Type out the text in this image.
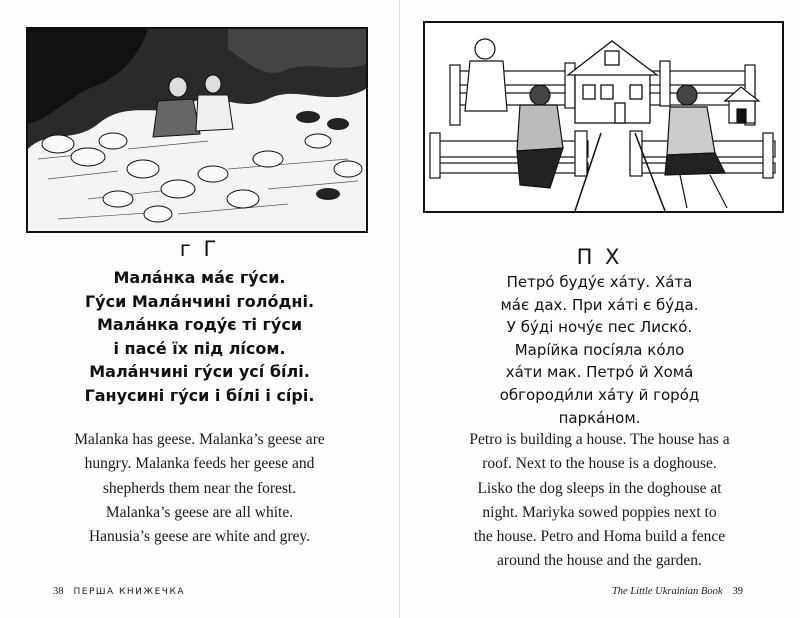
г Г
Мала́нка ма́є гу́си.
Гу́си Мала́нчині голо́дні.
Мала́нка году́є ті гу́си
і пасе́ їх під лі́сом.
Мала́нчині гу́си усі́ бі́лі.
Ганусині гу́си і бі́лі і сі́рі.
Malanka has geese. Malanka’s geese are
hungry. Malanka feeds her geese and
shepherds them near the forest.
Malanka’s geese are all white.
Hanusia’s geese are white and grey.
38 ПЕРША КНИЖЕЧКА
П Х
Петро́ буду́є ха́ту. Ха́та
ма́є дах. При ха́ті є бу́да.
У бу́ді ночу́є пес Лиско́.
Марі́йка посі́яла ко́ло
ха́ти мак. Петро́ й Хома́
обгороди́ли ха́ту й горо́д
парка́ном.
Petro is building a house. The house has a
roof. Next to the house is a doghouse.
Lisko the dog sleeps in the doghouse at
night. Mariyka sowed poppies next to
the house. Petro and Homa build a fence
around the house and the garden.
The Little Ukrainian Book 39
